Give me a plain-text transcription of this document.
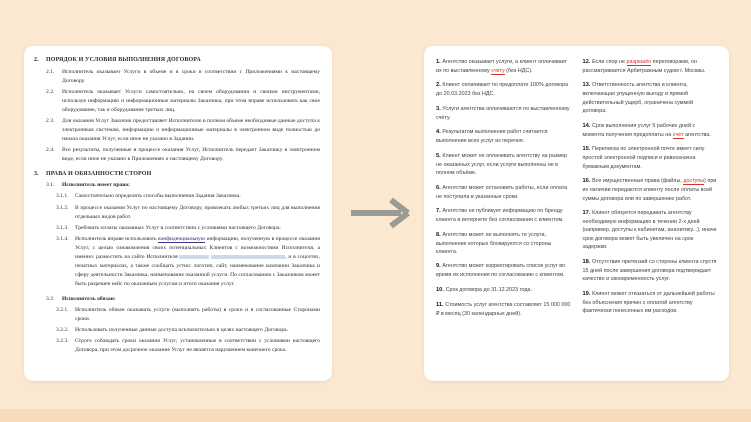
2.	ПОРЯДОК И УСЛОВИЯ ВЫПОЛНЕНИЯ ДОГОВОРА
2.1.	Исполнитель оказывает Услуги в объеме и в сроки в соответствии с Приложениями к настоящему Договору.
2.2.	Исполнитель оказывает Услуги самостоятельно, на своем оборудовании и своими инструментами, используя информацию и информационные материалы Заказчика, при этом вправе использовать как свое оборудование, так и оборудование третьих лиц.
2.3.	Для оказания Услуг Заказчик предоставляет Исполнителю в полном объеме необходимые данные доступа к электронным системам, информацию и информационные материалы в электронном виде полностью до начала оказания Услуг, если иное не указано в Задании.
2.4.	Все результаты, полученные в процессе оказания Услуг, Исполнитель передает Заказчику в электронном виде, если иное не указано в Приложениях к настоящему Договору.
3.	ПРАВА И ОБЯЗАННОСТИ СТОРОН
3.1.	Исполнитель имеет право:
3.1.1.	Самостоятельно определять способы выполнения Задания Заказчика.
3.1.2.	В процессе оказания Услуг по настоящему Договору, привлекать любых третьих лиц для выполнения отдельных видов работ.
3.1.3.	Требовать оплаты оказанных Услуг в соответствии с условиями настоящего Договора.
3.1.4.	Исполнитель вправе использовать конфиденциальную информацию, полученную в процессе оказания Услуг, с целью ознакомления своих потенциальных Клиентов с возможностями Исполнителя, а именно: разместить на сайте Исполнителя	, и в соцсетях, печатных материалах, а также сообщать устно: логотип, сайт, наименование компании Заказчика и сферу деятельности Заказчика, наименование оказанной услуги. По согласованию с Заказчиком может быть разрешен кейс по оказанным услугам и итоги оказания услуг.
3.2.	Исполнитель обязан:
3.2.1.	Исполнитель обязан оказывать услуги (выполнять работы) в сроки и в согласованные Сторонами сроки.
3.2.2.	Использовать полученные данные доступа исключительно в целях настоящего Договора.
3.2.3.	Строго соблюдать сроки оказания Услуг, установленные в соответствии с условиями настоящего Договора, при этом досрочное оказание Услуг не является нарушением конечного срока.
1. Агентство оказывает услуги, а клиент оплачивает их по выставленному счету (без НДС).
2. Клиент оплачивает по предоплате 100% договора до 20.03.2023 без НДС.
3. Услуги агентства оплачиваются по выставленному счёту.
4. Результатом выполнения работ считается выполнение всех услуг из перечня.
5. Клиент может не оплачивать агентству на размер не оказанных услуг, если услуги выполнены не в полном объёме.
6. Агентство может остановить работы, если оплата не поступила в указанные сроки.
7. Агентство не публикует информацию по бренду клиента в интернете без согласования с клиентом.
8. Агентство может не выполнять те услуги, выполнение которых блокируются со стороны клиента.
9. Агентство может корректировать список услуг во время их исполнения по согласованию с клиентом.
10. Срок договора до 31.12.2023 года.
11. Стоимость услуг агентства составляет 15 000 000 ₽ в месяц (30 календарных дней).
12. Если спор не разрешён переговорами, он рассматривается Арбитражным судом г. Москвы.
13. Ответственность агентства и клиента, включающая упущенную выгоду и прямой действительный ущерб, ограничена суммой договора.
14. Срок выполнения услуг 5 рабочих дней с момента получения предоплаты на счёт агентства.
15. Переписка по электронной почте имеет силу простой электронной подписи и равнозначна бумажным документам.
16. Все имущественные права (файлы, доступы) при их наличии передаются клиенту после оплаты всей суммы договора или по завершению работ.
17. Клиент обязуется передавать агентству необходимую информацию в течении 2-х дней (например, доступы к кабинетам, аналитику...), иначе срок договора может быть увеличен на срок задержки.
18. Отсутствие претензий со стороны клиента спустя 15 дней после завершения договора подтверждает качество и своевременность услуг.
19. Клиент может отказаться от дальнейшей работы без объяснения причин с оплатой агентству фактически понесенных им расходов.
